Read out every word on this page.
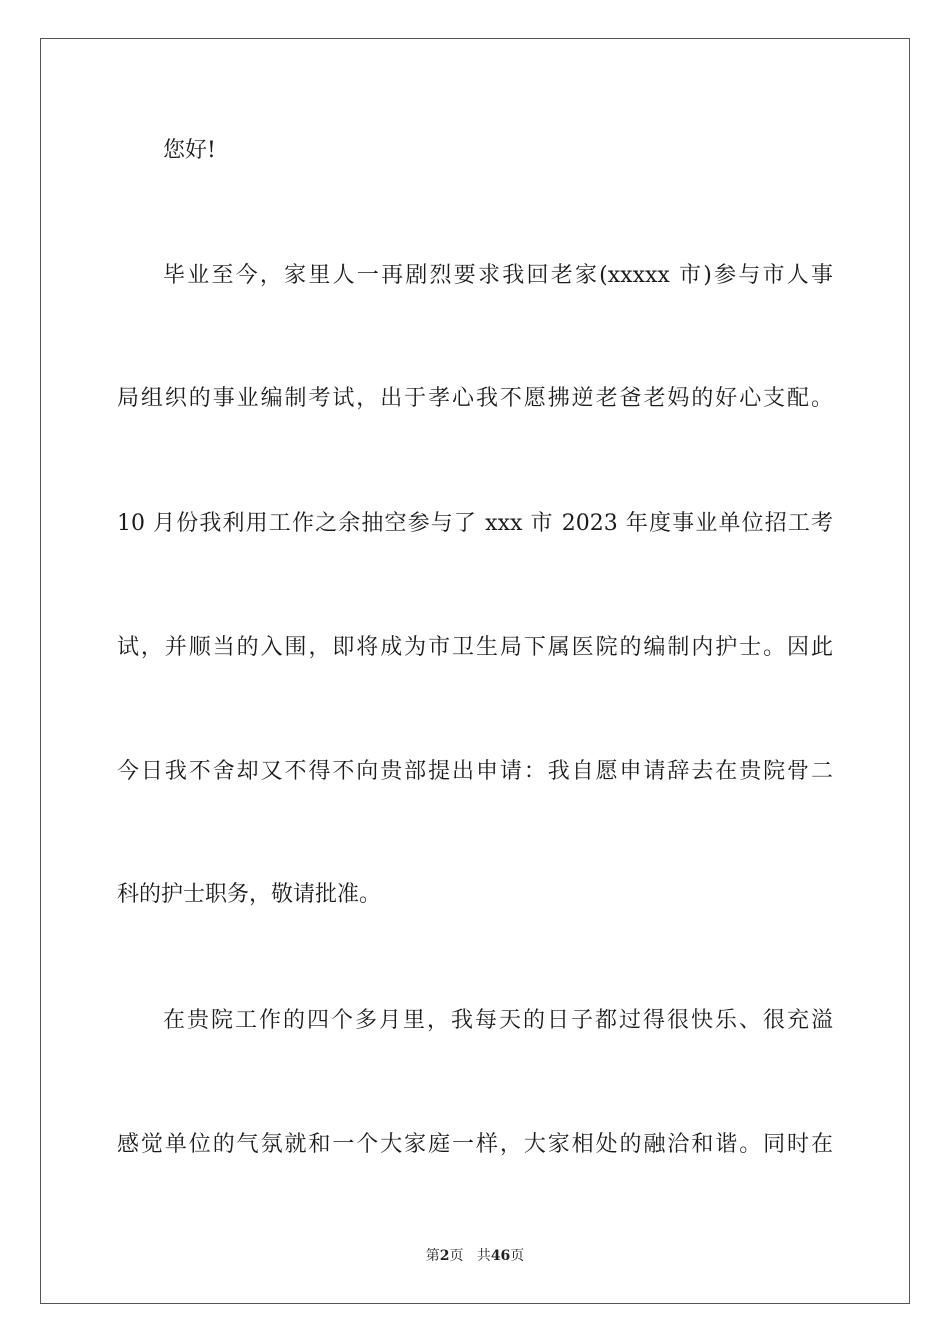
您好!
毕业至今，家里人一再剧烈要求我回老家(xxxxx 市)参与市人事
局组织的事业编制考试，出于孝心我不愿拂逆老爸老妈的好心支配。
10 月份我利用工作之余抽空参与了 xxx 市 2023 年度事业单位招工考
试，并顺当的入围，即将成为市卫生局下属医院的编制内护士。因此
今日我不舍却又不得不向贵部提出申请：我自愿申请辞去在贵院骨二
科的护士职务，敬请批准。
在贵院工作的四个多月里，我每天的日子都过得很快乐、很充溢
感觉单位的气氛就和一个大家庭一样，大家相处的融洽和谐。同时在
第2页 共46页
